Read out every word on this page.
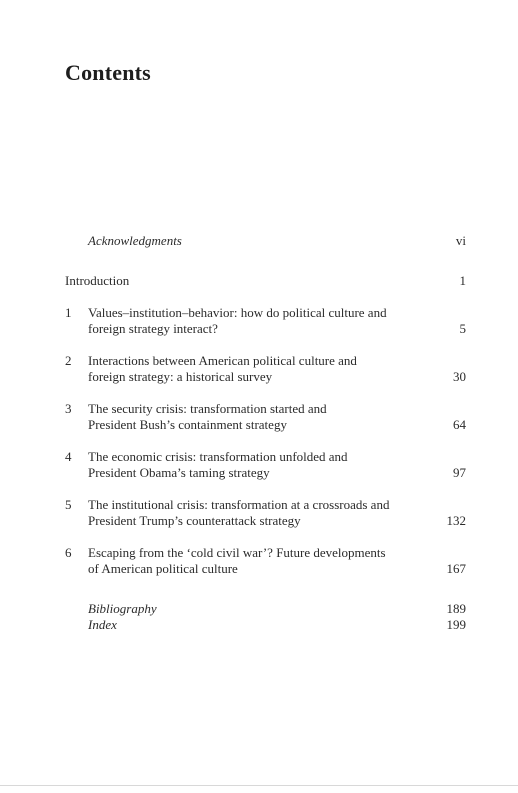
Contents
Acknowledgments	vi
Introduction	1
1 Values–institution–behavior: how do political culture and
foreign strategy interact?	5
2 Interactions between American political culture and
foreign strategy: a historical survey	30
3 The security crisis: transformation started and
President Bush’s containment strategy	64
4 The economic crisis: transformation unfolded and
President Obama’s taming strategy	97
5 The institutional crisis: transformation at a crossroads and
President Trump’s counterattack strategy	132
6 Escaping from the ‘cold civil war’? Future developments
of American political culture	167
Bibliography	189
Index	199
